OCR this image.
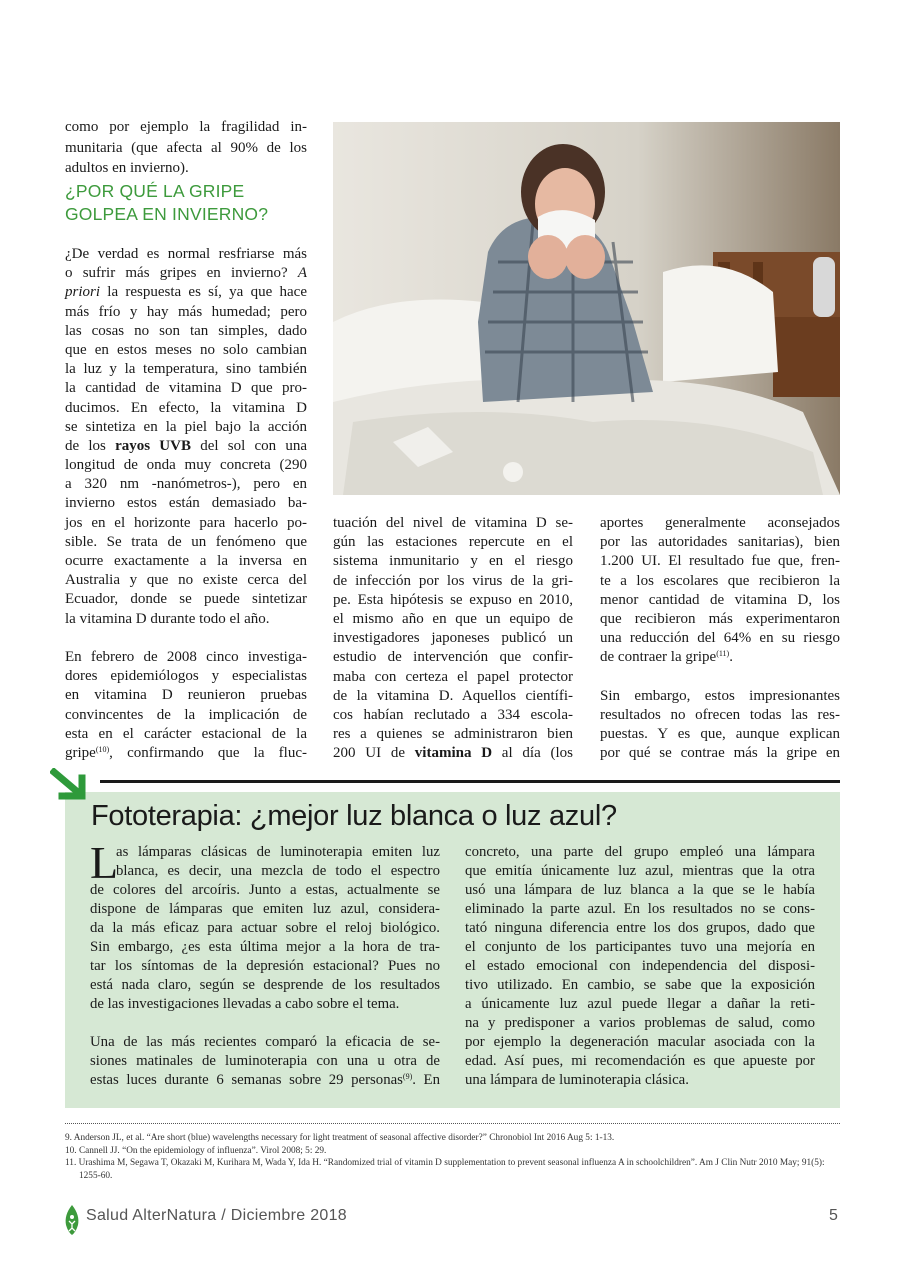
como por ejemplo la fragilidad in-
munitaria (que afecta al 90% de los
adultos en invierno).
¿POR QUÉ LA GRIPE
GOLPEA EN INVIERNO?
¿De verdad es normal resfriarse más
o sufrir más gripes en invierno? A
priori la respuesta es sí, ya que hace
más frío y hay más humedad; pero
las cosas no son tan simples, dado
que en estos meses no solo cambian
la luz y la temperatura, sino también
la cantidad de vitamina D que pro-
ducimos. En efecto, la vitamina D
se sintetiza en la piel bajo la acción
de los rayos UVB del sol con una
longitud de onda muy concreta (290
a 320 nm -nanómetros-), pero en
invierno estos están demasiado ba-
jos en el horizonte para hacerlo po-
sible. Se trata de un fenómeno que
ocurre exactamente a la inversa en
Australia y que no existe cerca del
Ecuador, donde se puede sintetizar
la vitamina D durante todo el año.
En febrero de 2008 cinco investiga-
dores epidemiólogos y especialistas
en vitamina D reunieron pruebas
convincentes de la implicación de
esta en el carácter estacional de la
gripe$^{(10)}$, confirmando que la fluc-
tuación del nivel de vitamina D se-
gún las estaciones repercute en el
sistema inmunitario y en el riesgo
de infección por los virus de la gri-
pe. Esta hipótesis se expuso en 2010,
el mismo año en que un equipo de
investigadores japoneses publicó un
estudio de intervención que confir-
maba con certeza el papel protector
de la vitamina D. Aquellos científi-
cos habían reclutado a 334 escola-
res a quienes se administraron bien
200 UI de vitamina D al día (los
aportes generalmente aconsejados
por las autoridades sanitarias), bien
1.200 UI. El resultado fue que, fren-
te a los escolares que recibieron la
menor cantidad de vitamina D, los
que recibieron más experimentaron
una reducción del 64% en su riesgo
de contraer la gripe$^{(11)}$.
Sin embargo, estos impresionantes
resultados no ofrecen todas las res-
puestas. Y es que, aunque explican
por qué se contrae más la gripe en
Fototerapia: ¿mejor luz blanca o luz azul?
L
as lámparas clásicas de luminoterapia emiten luz
blanca, es decir, una mezcla de todo el espectro
de colores del arcoíris. Junto a estas, actualmente se
dispone de lámparas que emiten luz azul, considera-
da la más eficaz para actuar sobre el reloj biológico.
Sin embargo, ¿es esta última mejor a la hora de tra-
tar los síntomas de la depresión estacional? Pues no
está nada claro, según se desprende de los resultados
de las investigaciones llevadas a cabo sobre el tema.
Una de las más recientes comparó la eficacia de se-
siones matinales de luminoterapia con una u otra de
estas luces durante 6 semanas sobre 29 personas$^{(9)}$. En
concreto, una parte del grupo empleó una lámpara
que emitía únicamente luz azul, mientras que la otra
usó una lámpara de luz blanca a la que se le había
eliminado la parte azul. En los resultados no se cons-
tató ninguna diferencia entre los dos grupos, dado que
el conjunto de los participantes tuvo una mejoría en
el estado emocional con independencia del disposi-
tivo utilizado. En cambio, se sabe que la exposición
a únicamente luz azul puede llegar a dañar la reti-
na y predisponer a varios problemas de salud, como
por ejemplo la degeneración macular asociada con la
edad. Así pues, mi recomendación es que apueste por
una lámpara de luminoterapia clásica.
9. Anderson JL, et al. “Are short (blue) wavelengths necessary for light treatment of seasonal affective disorder?” Chronobiol Int 2016 Aug 5: 1-13.
10. Cannell JJ. “On the epidemiology of influenza”. Virol 2008; 5: 29.
11. Urashima M, Segawa T, Okazaki M, Kurihara M, Wada Y, Ida H. “Randomized trial of vitamin D supplementation to prevent seasonal influenza A in schoolchildren”. Am J Clin Nutr 2010 May; 91(5): 1255-60.
Salud AlterNatura / Diciembre 2018	5
